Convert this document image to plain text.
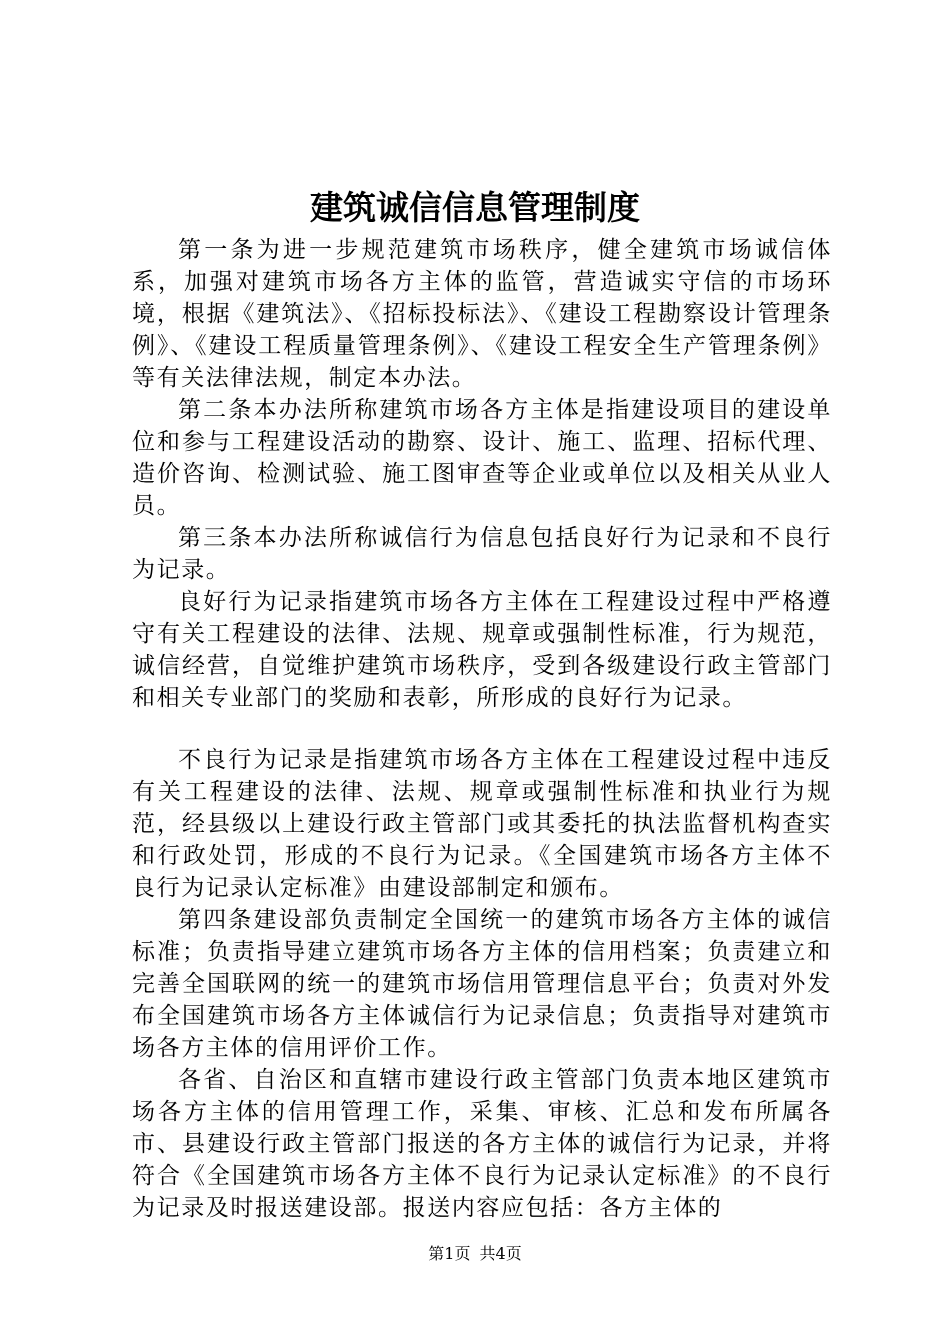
建筑诚信信息管理制度

第一条为进一步规范建筑市场秩序，健全建筑市场诚信体系，加强对建筑市场各方主体的监管，营造诚实守信的市场环境，根据《建筑法》、《招标投标法》、《建设工程勘察设计管理条例》、《建设工程质量管理条例》、《建设工程安全生产管理条例》等有关法律法规，制定本办法。

第二条本办法所称建筑市场各方主体是指建设项目的建设单位和参与工程建设活动的勘察、设计、施工、监理、招标代理、造价咨询、检测试验、施工图审查等企业或单位以及相关从业人员。

第三条本办法所称诚信行为信息包括良好行为记录和不良行为记录。

良好行为记录指建筑市场各方主体在工程建设过程中严格遵守有关工程建设的法律、法规、规章或强制性标准，行为规范，诚信经营，自觉维护建筑市场秩序，受到各级建设行政主管部门和相关专业部门的奖励和表彰，所形成的良好行为记录。

不良行为记录是指建筑市场各方主体在工程建设过程中违反有关工程建设的法律、法规、规章或强制性标准和执业行为规范，经县级以上建设行政主管部门或其委托的执法监督机构查实和行政处罚，形成的不良行为记录。《全国建筑市场各方主体不良行为记录认定标准》由建设部制定和颁布。

第四条建设部负责制定全国统一的建筑市场各方主体的诚信标准；负责指导建立建筑市场各方主体的信用档案；负责建立和完善全国联网的统一的建筑市场信用管理信息平台；负责对外发布全国建筑市场各方主体诚信行为记录信息；负责指导对建筑市场各方主体的信用评价工作。

各省、自治区和直辖市建设行政主管部门负责本地区建筑市场各方主体的信用管理工作，采集、审核、汇总和发布所属各市、县建设行政主管部门报送的各方主体的诚信行为记录，并将符合《全国建筑市场各方主体不良行为记录认定标准》的不良行为记录及时报送建设部。报送内容应包括：各方主体的

第1页 共4页
